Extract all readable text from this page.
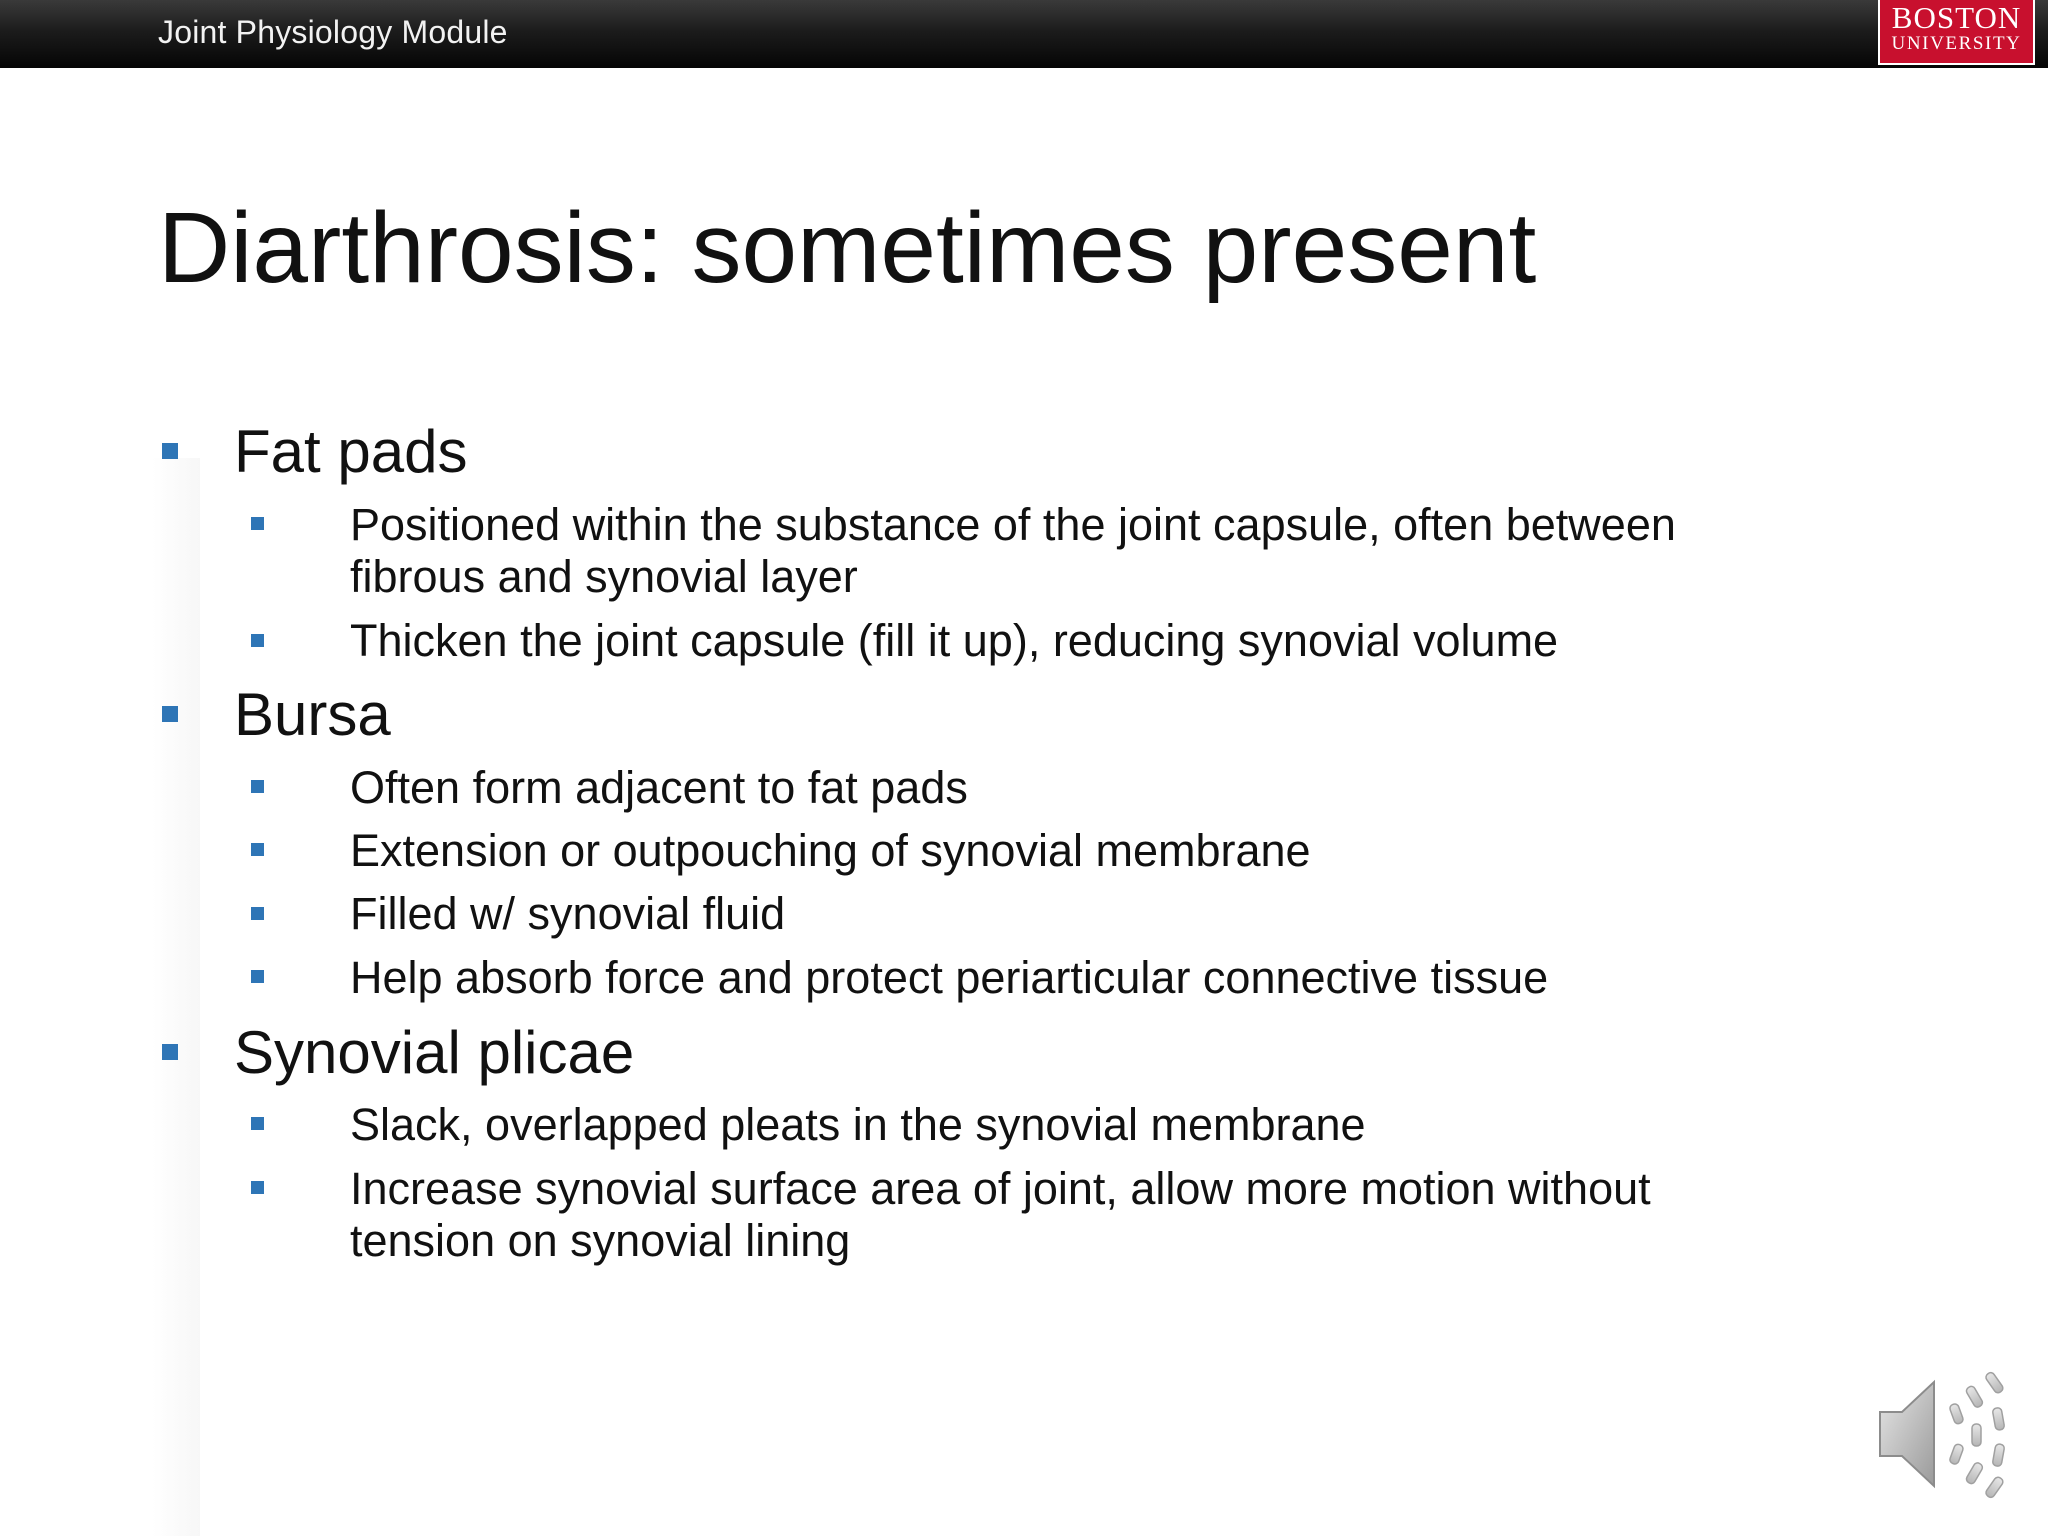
Joint Physiology Module	BOSTON
UNIVERSITY
Diarthrosis: sometimes present
Fat pads
Positioned within the substance of the joint capsule, often between
fibrous and synovial layer
Thicken the joint capsule (fill it up), reducing synovial volume
Bursa
Often form adjacent to fat pads
Extension or outpouching of synovial membrane
Filled w/ synovial fluid
Help absorb force and protect periarticular connective tissue
Synovial plicae
Slack, overlapped pleats in the synovial membrane
Increase synovial surface area of joint, allow more motion without
tension on synovial lining
